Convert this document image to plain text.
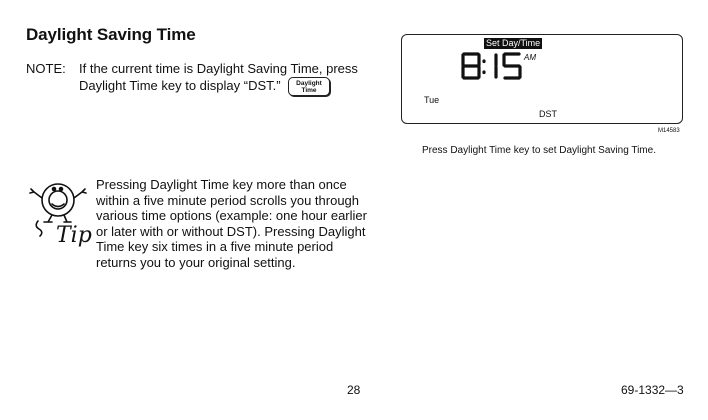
Daylight Saving Time
NOTE: If the current time is Daylight Saving Time, press Daylight Time key to display “DST.”	Daylight
Time
Set Day/Time
AM
Tue
DST
M14583
Press Daylight Time key to set Daylight Saving Time.
Tip
Pressing Daylight Time key more than once within a five minute period scrolls you through various time options (example: one hour earlier or later with or without DST). Pressing Daylight Time key six times in a five minute period returns you to your original setting.
28	69-1332—3
